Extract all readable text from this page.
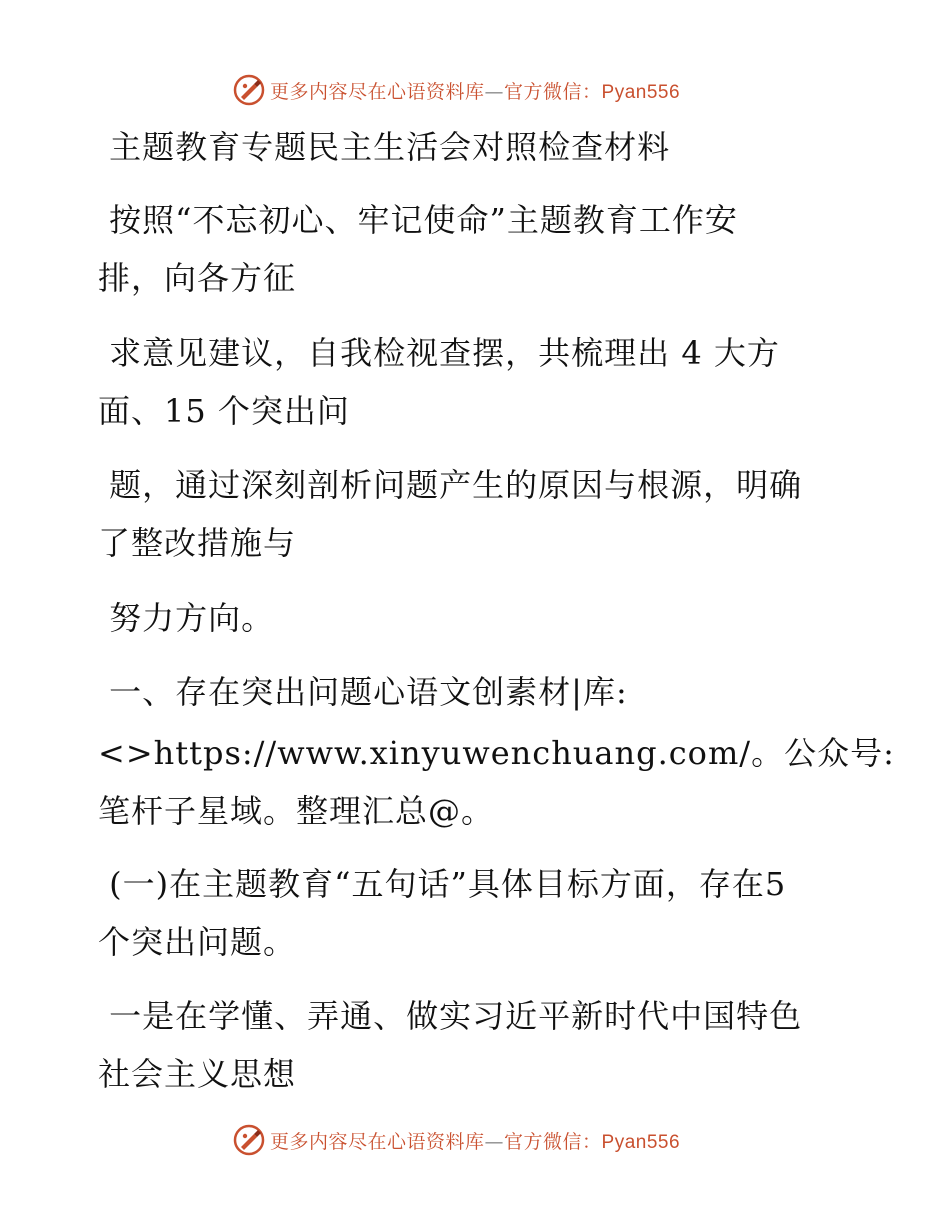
更多内容尽在心语资料库—官方微信：Pyan556
主题教育专题民主生活会对照检查材料
按照“不忘初心、牢记使命”主题教育工作安
排，向各方征
求意见建议，自我检视查摆，共梳理出 4 大方
面、15 个突出问
题，通过深刻剖析问题产生的原因与根源，明确
了整改措施与
努力方向。
一、存在突出问题心语文创素材|库:
<>https://www.xinyuwenchuang.com/。公众号:
笔杆子星域。整理汇总@。
(一)在主题教育“五句话”具体目标方面，存在5
个突出问题。
一是在学懂、弄通、做实习近平新时代中国特色
社会主义思想
更多内容尽在心语资料库—官方微信：Pyan556
